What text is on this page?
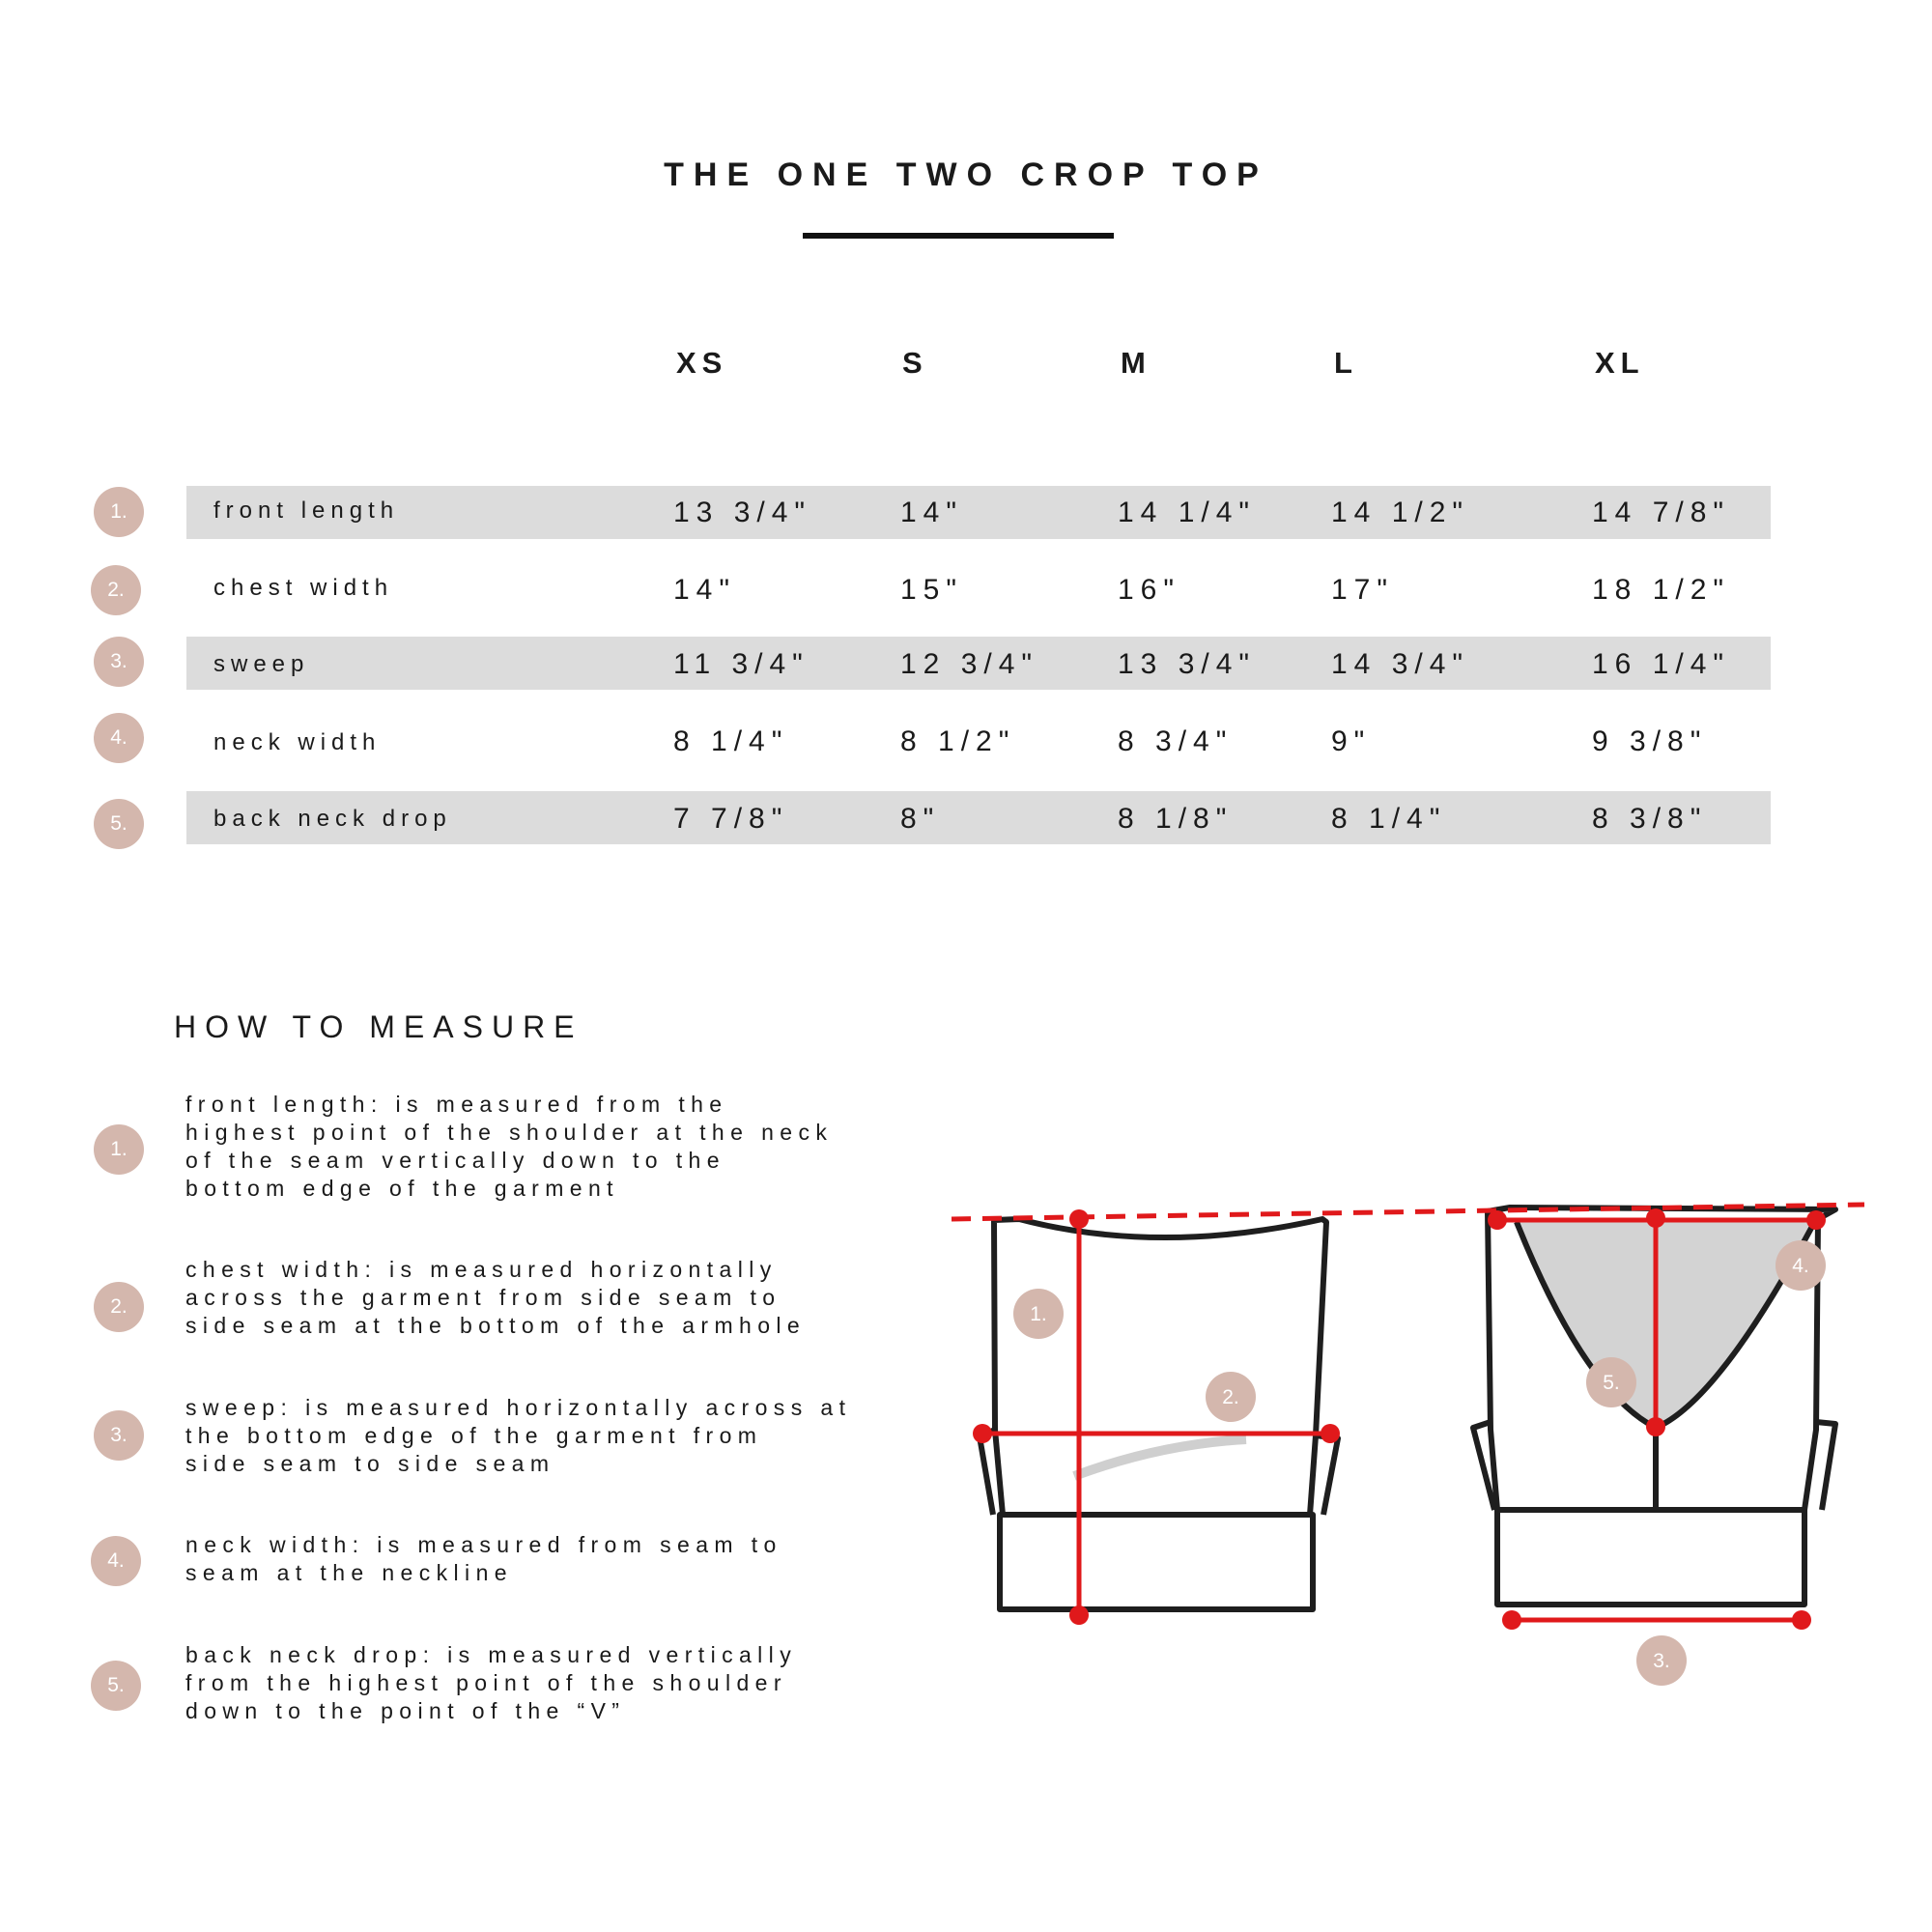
THE ONE TWO CROP TOP
XS	S	M	L	XL
1.	front length	13 3/4"	14"	14 1/4"	14 1/2"	14 7/8"
2.	chest width	14"	15"	16"	17"	18 1/2"
3.	sweep	11 3/4"	12 3/4"	13 3/4"	14 3/4"	16 1/4"
4.	neck width	8 1/4"	8 1/2"	8 3/4"	9"	9 3/8"
5.	back neck drop	7 7/8"	8"	8 1/8"	8 1/4"	8 3/8"
HOW TO MEASURE
1.
front length: is measured from the
highest point of the shoulder at the neck
of the seam vertically down to the
bottom edge of the garment
2.
chest width: is measured horizontally
across the garment from side seam to
side seam at the bottom of the armhole
3.
sweep: is measured horizontally across at
the bottom edge of the garment from
side seam to side seam
4.
neck width: is measured from seam to
seam at the neckline
5.
back neck drop: is measured vertically
from the highest point of the shoulder
down to the point of the “V”
1.
2.
4.
5.
3.
